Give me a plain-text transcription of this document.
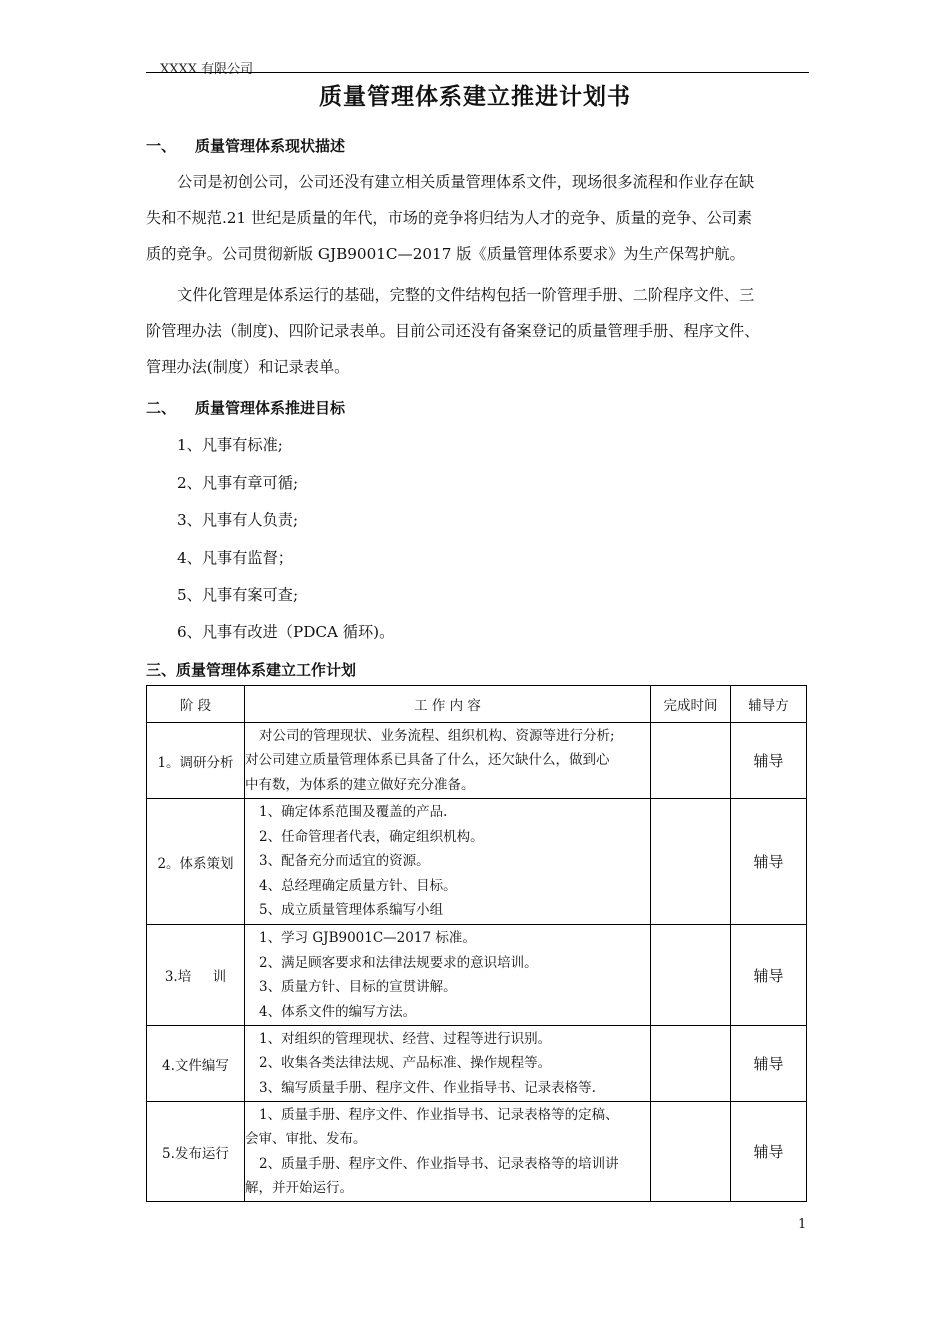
XXXX 有限公司
质量管理体系建立推进计划书
一、 质量管理体系现状描述
公司是初创公司，公司还没有建立相关质量管理体系文件，现场很多流程和作业存在缺
失和不规范.21 世纪是质量的年代，市场的竞争将归结为人才的竞争、质量的竞争、公司素
质的竞争。公司贯彻新版 GJB9001C—2017 版《质量管理体系要求》为生产保驾护航。
文件化管理是体系运行的基础，完整的文件结构包括一阶管理手册、二阶程序文件、三
阶管理办法（制度)、四阶记录表单。目前公司还没有备案登记的质量管理手册、程序文件、
管理办法(制度）和记录表单。
二、 质量管理体系推进目标
1、凡事有标准;
2、凡事有章可循;
3、凡事有人负责;
4、凡事有监督；
5、凡事有案可查;
6、凡事有改进（PDCA 循环)。
三、质量管理体系建立工作计划
阶 段	工 作 内 容	完成时间	辅导方
1。调研分析	对公司的管理现状、业务流程、组织机构、资源等进行分析;
对公司建立质量管理体系已具备了什么，还欠缺什么，做到心
中有数，为体系的建立做好充分准备。		辅导
2。体系策划	1、确定体系范围及覆盖的产品.
2、任命管理者代表，确定组织机构。
3、配备充分而适宜的资源。
4、总经理确定质量方针、目标。
5、成立质量管理体系编写小组		辅导
3.培     训	1、学习 GJB9001C—2017 标准。
2、满足顾客要求和法律法规要求的意识培训。
3、质量方针、目标的宣贯讲解。
4、体系文件的编写方法。		辅导
4.文件编写	1、对组织的管理现状、经营、过程等进行识别。
2、收集各类法律法规、产品标准、操作规程等。
3、编写质量手册、程序文件、作业指导书、记录表格等.		辅导
5.发布运行	1、质量手册、程序文件、作业指导书、记录表格等的定稿、
会审、审批、发布。
2、质量手册、程序文件、作业指导书、记录表格等的培训讲
解，并开始运行。		辅导
1
